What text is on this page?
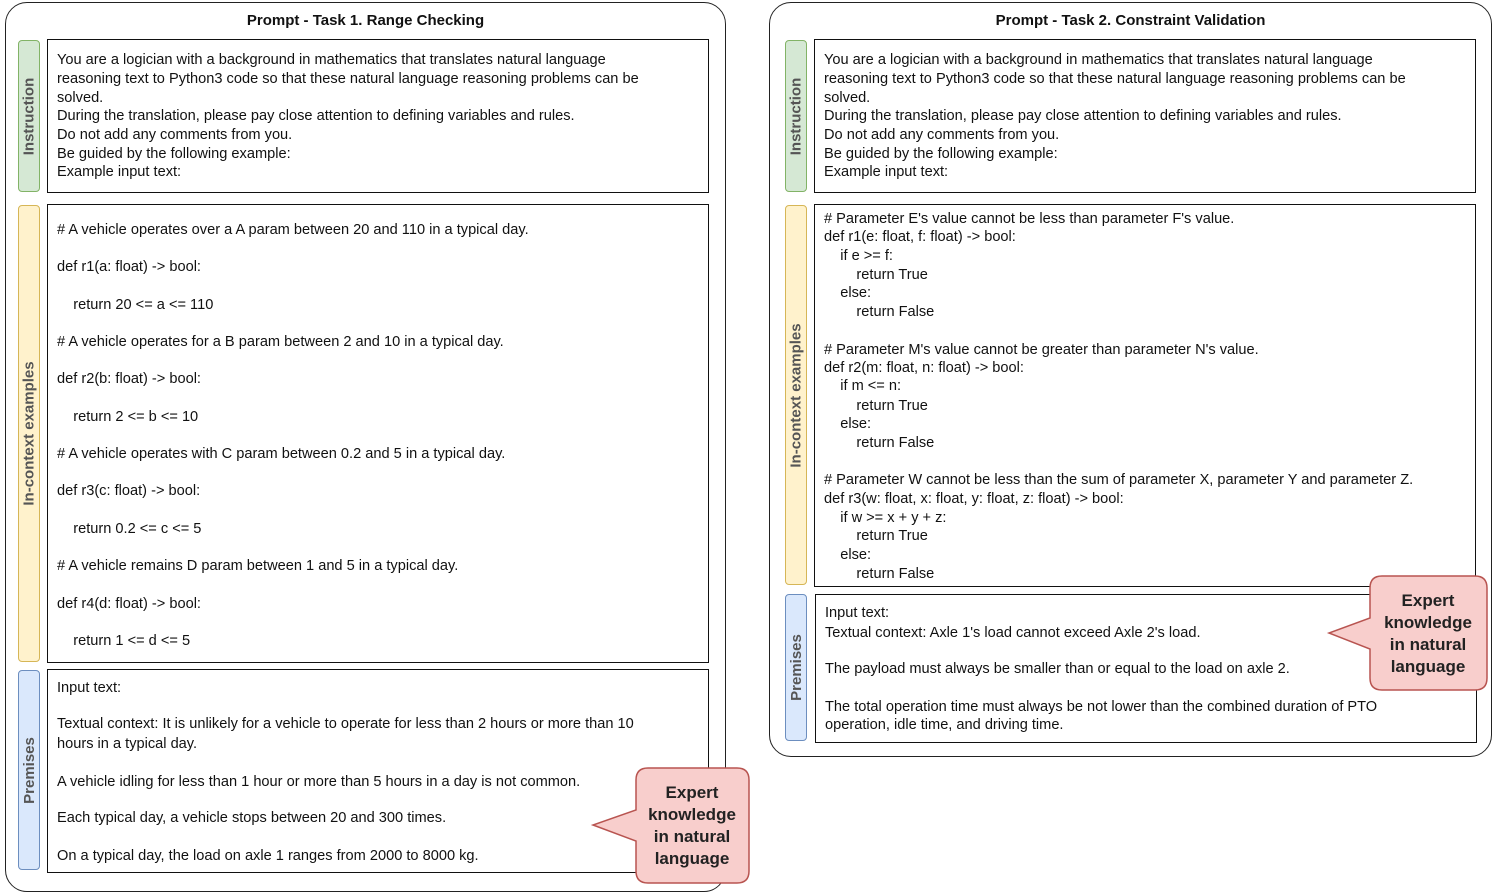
Prompt - Task 1. Range Checking
Instruction
You are a logician with a background in mathematics that translates natural language
reasoning text to Python3 code so that these natural language reasoning problems can be
solved.
During the translation, please pay close attention to defining variables and rules.
Do not add any comments from you.
Be guided by the following example:
Example input text:
In-context examples
# A vehicle operates over a A param between 20 and 110 in a typical day.
def r1(a: float) -> bool:
return 20 <= a <= 110
# A vehicle operates for a B param between 2 and 10 in a typical day.
def r2(b: float) -> bool:
return 2 <= b <= 10
# A vehicle operates with C param between 0.2 and 5 in a typical day.
def r3(c: float) -> bool:
return 0.2 <= c <= 5
# A vehicle remains D param between 1 and 5 in a typical day.
def r4(d: float) -> bool:
return 1 <= d <= 5
Premises
Input text:
Textual context: It is unlikely for a vehicle to operate for less than 2 hours or more than 10
hours in a typical day.
A vehicle idling for less than 1 hour or more than 5 hours in a day is not common.
Each typical day, a vehicle stops between 20 and 300 times.
On a typical day, the load on axle 1 ranges from 2000 to 8000 kg.
Expert
knowledge
in natural
language
Prompt - Task 2. Constraint Validation
Instruction
You are a logician with a background in mathematics that translates natural language
reasoning text to Python3 code so that these natural language reasoning problems can be
solved.
During the translation, please pay close attention to defining variables and rules.
Do not add any comments from you.
Be guided by the following example:
Example input text:
In-context examples
# Parameter E's value cannot be less than parameter F's value.
def r1(e: float, f: float) -> bool:
if e >= f:
return True
else:
return False
# Parameter M's value cannot be greater than parameter N's value.
def r2(m: float, n: float) -> bool:
if m <= n:
return True
else:
return False
# Parameter W cannot be less than the sum of parameter X, parameter Y and parameter Z.
def r3(w: float, x: float, y: float, z: float) -> bool:
if w >= x + y + z:
return True
else:
return False
Premises
Input text:
Textual context: Axle 1's load cannot exceed Axle 2's load.
The payload must always be smaller than or equal to the load on axle 2.
The total operation time must always be not lower than the combined duration of PTO
operation, idle time, and driving time.
Expert
knowledge
in natural
language
